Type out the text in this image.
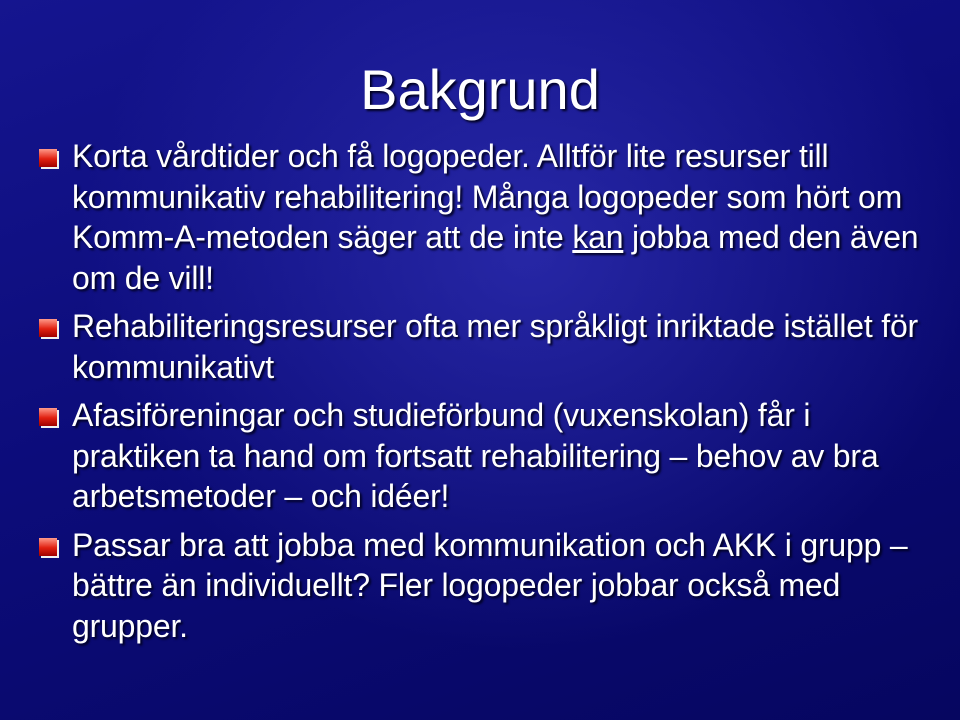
Bakgrund
Korta vårdtider och få logopeder. Alltför lite resurser till kommunikativ rehabilitering! Många logopeder som hört om Komm-A-metoden säger att de inte kan jobba med den även om de vill!
Rehabiliteringsresurser ofta mer språkligt inriktade istället för kommunikativt
Afasiföreningar och studieförbund (vuxenskolan) får i praktiken ta hand om fortsatt rehabilitering – behov av bra arbetsmetoder – och idéer!
Passar bra att jobba med kommunikation och AKK i grupp – bättre än individuellt? Fler logopeder jobbar också med grupper.
